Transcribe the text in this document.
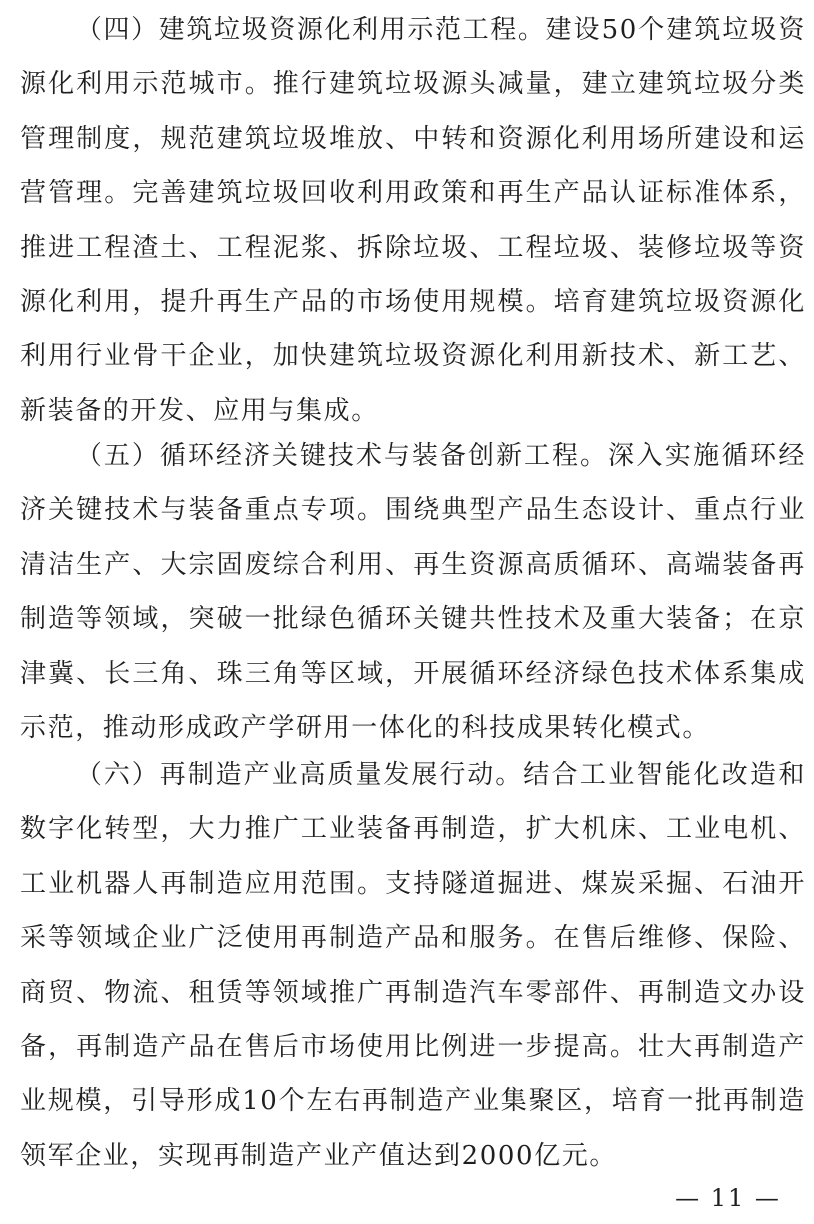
（四）建筑垃圾资源化利用示范工程。建设50个建筑垃圾资源化利用示范城市。推行建筑垃圾源头减量，建立建筑垃圾分类管理制度，规范建筑垃圾堆放、中转和资源化利用场所建设和运营管理。完善建筑垃圾回收利用政策和再生产品认证标准体系，推进工程渣土、工程泥浆、拆除垃圾、工程垃圾、装修垃圾等资源化利用，提升再生产品的市场使用规模。培育建筑垃圾资源化利用行业骨干企业，加快建筑垃圾资源化利用新技术、新工艺、新装备的开发、应用与集成。

（五）循环经济关键技术与装备创新工程。深入实施循环经济关键技术与装备重点专项。围绕典型产品生态设计、重点行业清洁生产、大宗固废综合利用、再生资源高质循环、高端装备再制造等领域，突破一批绿色循环关键共性技术及重大装备；在京津冀、长三角、珠三角等区域，开展循环经济绿色技术体系集成示范，推动形成政产学研用一体化的科技成果转化模式。

（六）再制造产业高质量发展行动。结合工业智能化改造和数字化转型，大力推广工业装备再制造，扩大机床、工业电机、工业机器人再制造应用范围。支持隧道掘进、煤炭采掘、石油开采等领域企业广泛使用再制造产品和服务。在售后维修、保险、商贸、物流、租赁等领域推广再制造汽车零部件、再制造文办设备，再制造产品在售后市场使用比例进一步提高。壮大再制造产业规模，引导形成10个左右再制造产业集聚区，培育一批再制造领军企业，实现再制造产业产值达到2000亿元。

— 11 —
